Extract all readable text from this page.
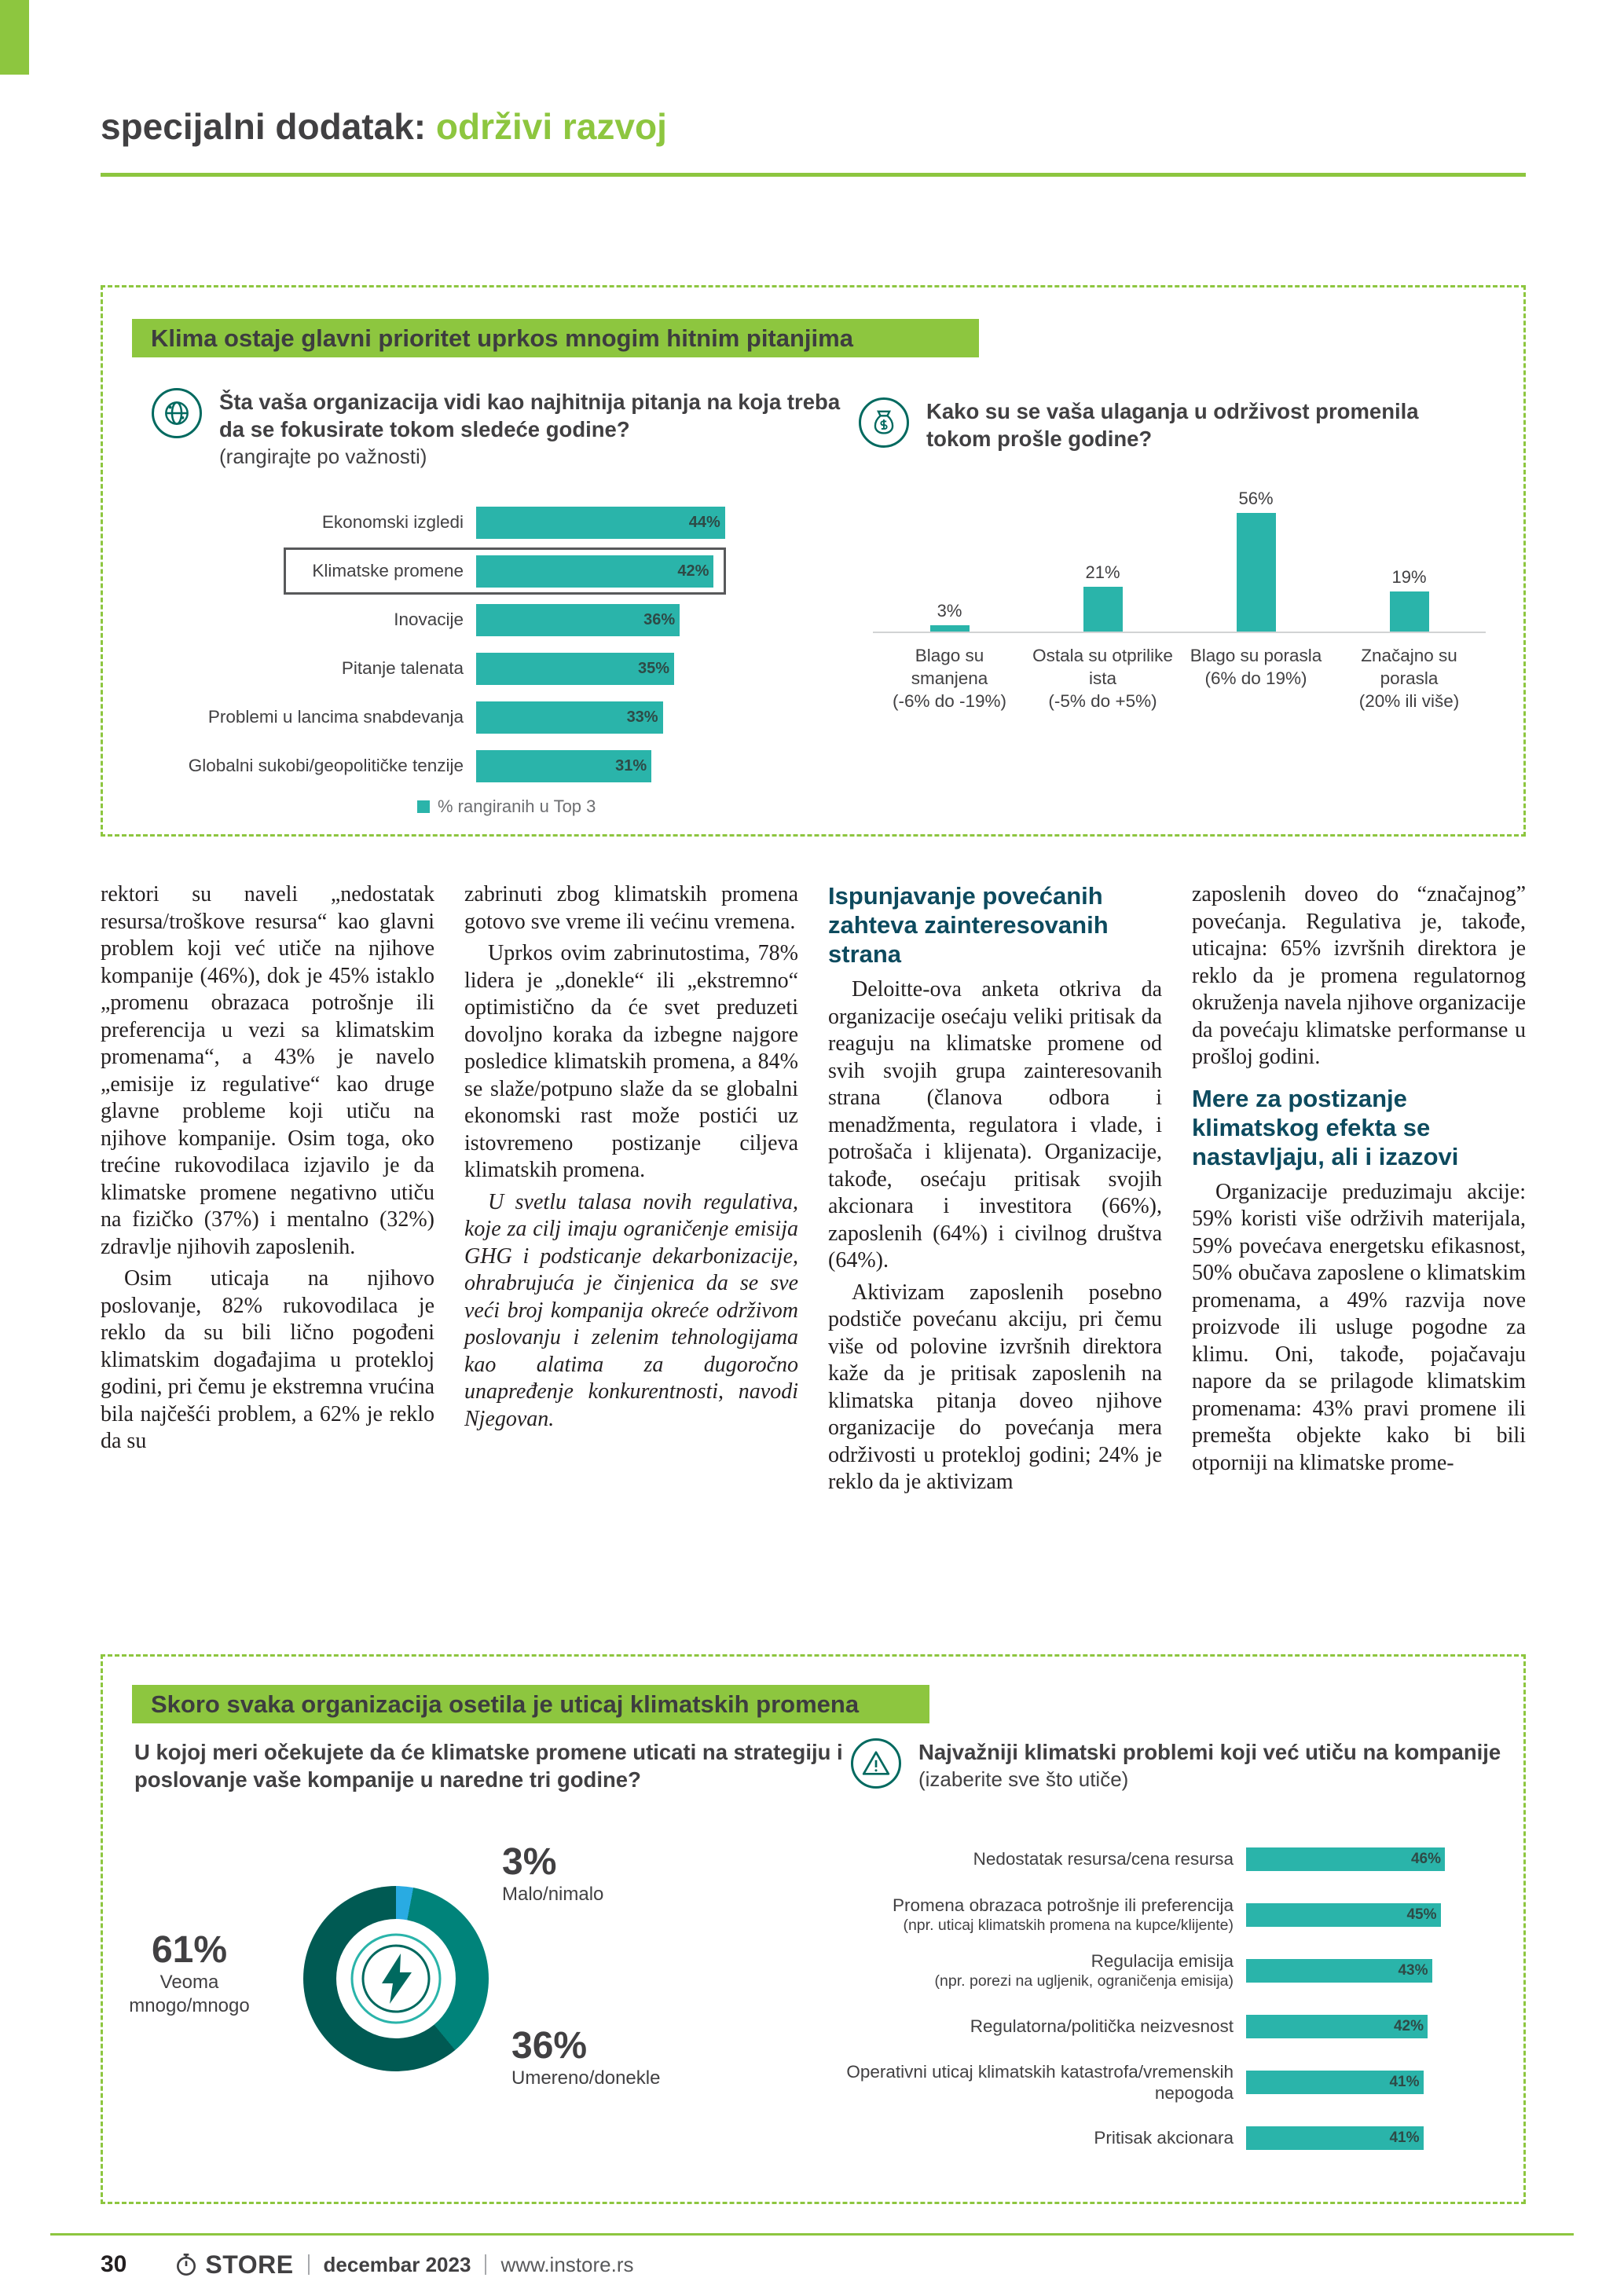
specijalni dodatak: održivi razvoj
Klima ostaje glavni prioritet uprkos mnogim hitnim pitanjima
Šta vaša organizacija vidi kao najhitnija pitanja na koja treba da se fokusirate tokom sledeće godine?
(rangirajte po važnosti)
Kako su se vaša ulaganja u održivost promenila tokom prošle godine?
Ekonomski izgledi	44%
Klimatske promene	42%
Inovacije	36%
Pitanje talenata	35%
Problemi u lancima snabdevanja	33%
Globalni sukobi/geopolitičke tenzije	31%
% rangiranih u Top 3
3%
21%
56%
19%
Blago su smanjena
(-6% do -19%)
Ostala su otprilike ista
(-5% do +5%)
Blago su porasla
(6% do 19%)
Značajno su porasla
(20% ili više)

rektori su naveli „nedostatak resursa/troškove resursa“ kao glavni problem koji već utiče na njihove kompanije (46%), dok je 45% istaklo „promenu obrazaca potrošnje ili preferencija u vezi sa klimatskim promenama“, a 43% je navelo „emisije iz regulative“ kao druge glavne probleme koji utiču na njihove kompanije. Osim toga, oko trećine rukovodilaca izjavilo je da klimatske promene negativno utiču na fizičko (37%) i mentalno (32%) zdravlje njihovih zaposlenih.

Osim uticaja na njihovo poslovanje, 82% rukovodilaca je reklo da su bili lično pogođeni klimatskim događajima u protekloj godini, pri čemu je ekstremna vrućina bila najčešći problem, a 62% je reklo da su

zabrinuti zbog klimatskih promena gotovo sve vreme ili većinu vremena.

Uprkos ovim zabrinutostima, 78% lidera je „donekle“ ili „ekstremno“ optimistično da će svet preduzeti dovoljno koraka da izbegne najgore posledice klimatskih promena, a 84% se slaže/potpuno slaže da se globalni ekonomski rast može postići uz istovremeno postizanje ciljeva klimatskih promena.

U svetlu talasa novih regulativa, koje za cilj imaju ograničenje emisija GHG i podsticanje dekarbonizacije, ohrabrujuća je činjenica da se sve veći broj kompanija okreće održivom poslovanju i zelenim tehnologijama kao alatima za dugoročno unapređenje konkurentnosti, navodi Njegovan.

Ispunjavanje povećanih zahteva zainteresovanih strana

Deloitte-ova anketa otkriva da organizacije osećaju veliki pritisak da reaguju na klimatske promene od svih svojih grupa zainteresovanih strana (članova odbora i menadžmenta, regulatora i vlade, i potrošača i klijenata). Organizacije, takođe, osećaju pritisak svojih akcionara i investitora (66%), zaposlenih (64%) i civilnog društva (64%).

Aktivizam zaposlenih posebno podstiče povećanu akciju, pri čemu više od polovine izvršnih direktora kaže da je pritisak zaposlenih na klimatska pitanja doveo njihove organizacije do povećanja mera održivosti u protekloj godini; 24% je reklo da je aktivizam

zaposlenih doveo do “značajnog” povećanja. Regulativa je, takođe, uticajna: 65% izvršnih direktora je reklo da je promena regulatornog okruženja navela njihove organizacije da povećaju klimatske performanse u prošloj godini.

Mere za postizanje klimatskog efekta se nastavljaju, ali i izazovi

Organizacije preduzimaju akcije: 59% koristi više održivih materijala, 59% povećava energetsku efikasnost, 50% obučava zaposlene o klimatskim promenama, a 49% razvija nove proizvode ili usluge pogodne za klimu. Oni, takođe, pojačavaju napore da se prilagode klimatskim promenama: 43% pravi promene ili premešta objekte kako bi bili otporniji na klimatske prome-

Skoro svaka organizacija osetila je uticaj klimatskih promena
U kojoj meri očekujete da će klimatske promene uticati na strategiju i poslovanje vaše kompanije u naredne tri godine?
61%
Veoma mnogo/mnogo
3%
Malo/nimalo
36%
Umereno/donekle
Najvažniji klimatski problemi koji već utiču na kompanije
(izaberite sve što utiče)
Nedostatak resursa/cena resursa	46%
Promena obrazaca potrošnje ili preferencija
(npr. uticaj klimatskih promena na kupce/klijente)
45%
Regulacija emisija
(npr. porezi na ugljenik, ograničenja emisija)
43%
Regulatorna/politička neizvesnost	42%
Operativni uticaj klimatskih katastrofa/vremenskih nepogoda
41%
Pritisak akcionara	41%
30	STORE decembar 2023 www.instore.rs
